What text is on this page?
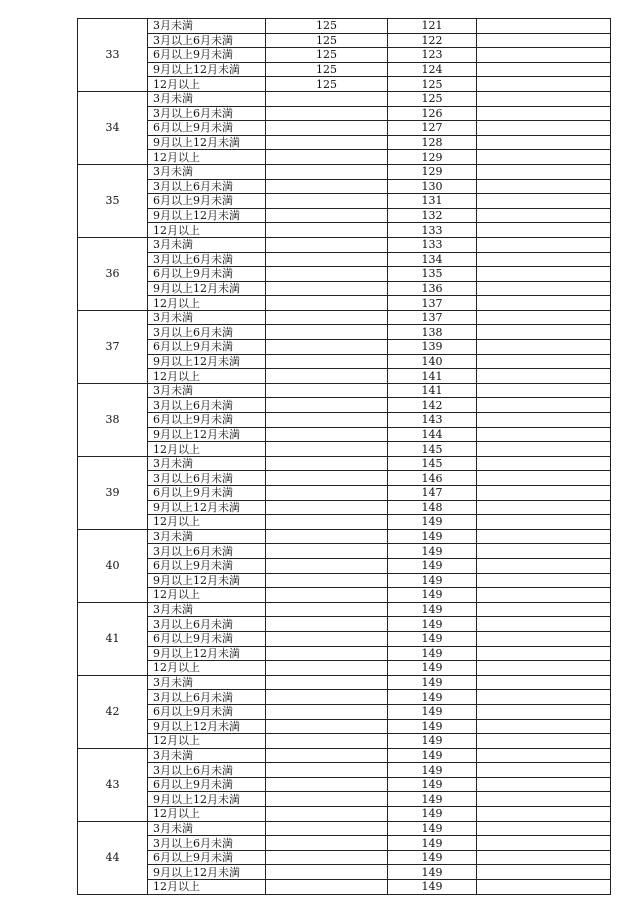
33	3月未満	125	121	
	3月以上6月未満	125	122	
	6月以上9月未満	125	123	
	9月以上12月未満	125	124	
	12月以上	125	125	
34	3月未満		125	
	3月以上6月未満		126	
	6月以上9月未満		127	
	9月以上12月未満		128	
	12月以上		129	
35	3月未満		129	
	3月以上6月未満		130	
	6月以上9月未満		131	
	9月以上12月未満		132	
	12月以上		133	
36	3月未満		133	
	3月以上6月未満		134	
	6月以上9月未満		135	
	9月以上12月未満		136	
	12月以上		137	
37	3月未満		137	
	3月以上6月未満		138	
	6月以上9月未満		139	
	9月以上12月未満		140	
	12月以上		141	
38	3月未満		141	
	3月以上6月未満		142	
	6月以上9月未満		143	
	9月以上12月未満		144	
	12月以上		145	
39	3月未満		145	
	3月以上6月未満		146	
	6月以上9月未満		147	
	9月以上12月未満		148	
	12月以上		149	
40	3月未満		149	
	3月以上6月未満		149	
	6月以上9月未満		149	
	9月以上12月未満		149	
	12月以上		149	
41	3月未満		149	
	3月以上6月未満		149	
	6月以上9月未満		149	
	9月以上12月未満		149	
	12月以上		149	
42	3月未満		149	
	3月以上6月未満		149	
	6月以上9月未満		149	
	9月以上12月未満		149	
	12月以上		149	
43	3月未満		149	
	3月以上6月未満		149	
	6月以上9月未満		149	
	9月以上12月未満		149	
	12月以上		149	
44	3月未満		149	
	3月以上6月未満		149	
	6月以上9月未満		149	
	9月以上12月未満		149	
	12月以上		149	
